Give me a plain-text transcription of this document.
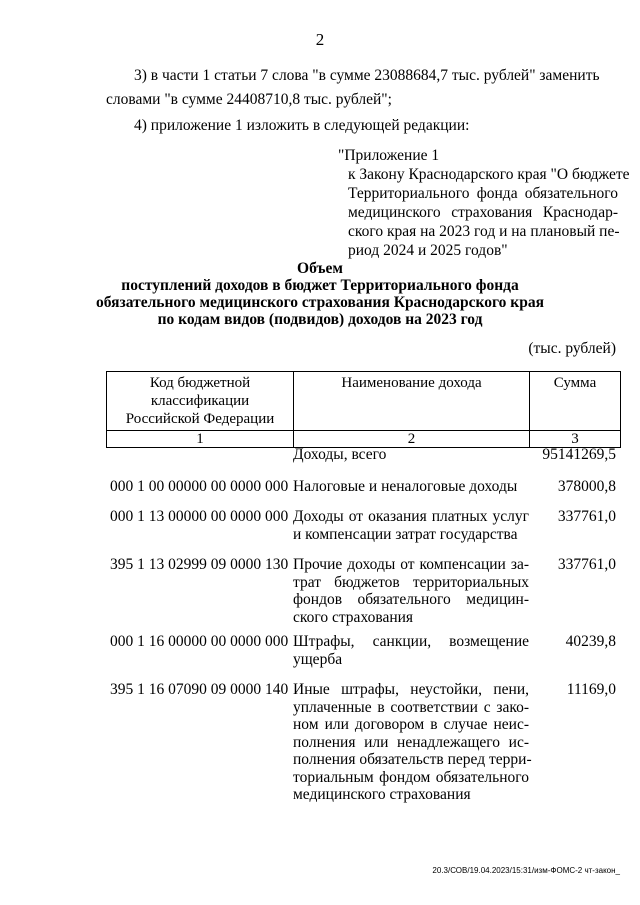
2
3) в части 1 статьи 7 слова "в сумме 23088684,7 тыс. рублей" заменить
словами "в сумме 24408710,8 тыс. рублей";
4) приложение 1 изложить в следующей редакции:
"Приложение 1
к Закону Краснодарского края "О бюджете
Территориального фонда обязательного
медицинского страхования Краснодар-
ского края на 2023 год и на плановый пе-
риод 2024 и 2025 годов"
Объем
поступлений доходов в бюджет Территориального фонда
обязательного медицинского страхования Краснодарского края
по кодам видов (подвидов) доходов на 2023 год
(тыс. рублей)
Код бюджетной
классификации
Российской Федерации	Наименование дохода	Сумма
1	2	3
Доходы, всего	95141269,5
000 1 00 00000 00 0000 000 Налоговые и неналоговые доходы	378000,8
000 1 13 00000 00 0000 000 Доходы от оказания платных услуг
и компенсации затрат государства
337761,0
395 1 13 02999 09 0000 130 Прочие доходы от компенсации за-
трат бюджетов территориальных
фондов обязательного медицин-
ского страхования
337761,0
000 1 16 00000 00 0000 000 Штрафы, санкции, возмещение
ущерба
40239,8
395 1 16 07090 09 0000 140 Иные штрафы, неустойки, пени,
уплаченные в соответствии с зако-
ном или договором в случае неис-
полнения или ненадлежащего ис-
полнения обязательств перед терри-
ториальным фондом обязательного
медицинского страхования
11169,0
20.3/СОВ/19.04.2023/15:31/изм-ФОМС-2 чт-закон_
